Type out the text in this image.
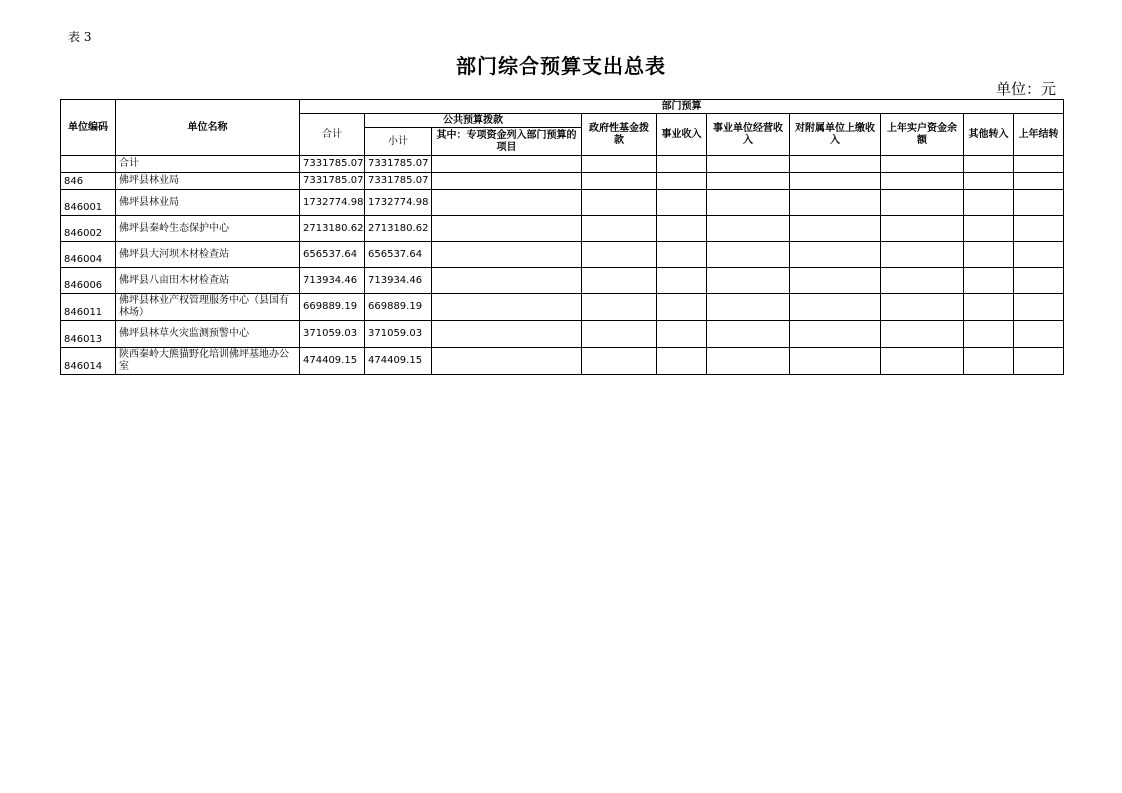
表 3
部门综合预算支出总表
单位：元
单位编码	单位名称	部门预算									
		合计	公共预算拨款		政府性基金拨款	事业收入	事业单位经营收入	对附属单位上缴收入	上年实户资金余额	其他转入	上年结转
			小计	其中：专项资金列入部门预算的项目							

	合计	7331785.07	7331785.07								
846	佛坪县林业局	7331785.07	7331785.07								
846001	佛坪县林业局	1732774.98	1732774.98								
846002	佛坪县秦岭生态保护中心	2713180.62	2713180.62								
846004	佛坪县大河坝木材检查站	656537.64	656537.64								
846006	佛坪县八亩田木材检查站	713934.46	713934.46								
846011	佛坪县林业产权管理服务中心（县国有林场）	669889.19	669889.19								
846013	佛坪县林草火灾监测预警中心	371059.03	371059.03								
846014	陕西秦岭大熊猫野化培训佛坪基地办公室	474409.15	474409.15								
